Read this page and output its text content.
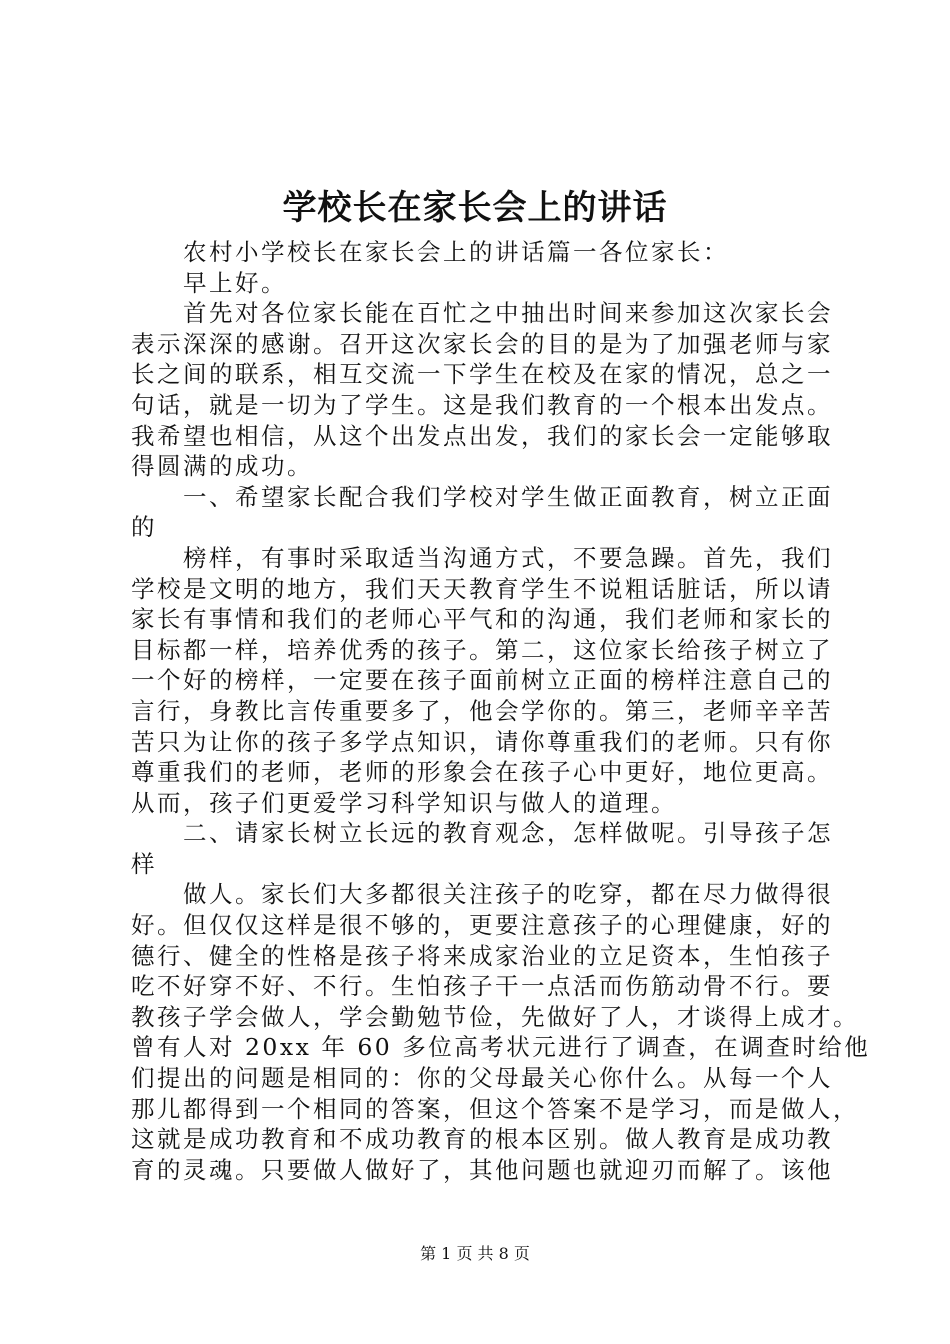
学校长在家长会上的讲话
农村小学校长在家长会上的讲话篇一各位家长：
早上好。
首先对各位家长能在百忙之中抽出时间来参加这次家长会
表示深深的感谢。召开这次家长会的目的是为了加强老师与家
长之间的联系，相互交流一下学生在校及在家的情况，总之一
句话，就是一切为了学生。这是我们教育的一个根本出发点。
我希望也相信，从这个出发点出发，我们的家长会一定能够取
得圆满的成功。
一、希望家长配合我们学校对学生做正面教育，树立正面
的
榜样，有事时采取适当沟通方式，不要急躁。首先，我们
学校是文明的地方，我们天天教育学生不说粗话脏话，所以请
家长有事情和我们的老师心平气和的沟通，我们老师和家长的
目标都一样，培养优秀的孩子。第二，这位家长给孩子树立了
一个好的榜样，一定要在孩子面前树立正面的榜样注意自己的
言行，身教比言传重要多了，他会学你的。第三，老师辛辛苦
苦只为让你的孩子多学点知识，请你尊重我们的老师。只有你
尊重我们的老师，老师的形象会在孩子心中更好，地位更高。
从而，孩子们更爱学习科学知识与做人的道理。
二、请家长树立长远的教育观念，怎样做呢。引导孩子怎
样
做人。家长们大多都很关注孩子的吃穿，都在尽力做得很
好。但仅仅这样是很不够的，更要注意孩子的心理健康，好的
德行、健全的性格是孩子将来成家治业的立足资本，生怕孩子
吃不好穿不好、不行。生怕孩子干一点活而伤筋动骨不行。要
教孩子学会做人，学会勤勉节俭，先做好了人，才谈得上成才。
曾有人对 20xx 年 60 多位高考状元进行了调查，在调查时给他
们提出的问题是相同的：你的父母最关心你什么。从每一个人
那儿都得到一个相同的答案，但这个答案不是学习，而是做人，
这就是成功教育和不成功教育的根本区别。做人教育是成功教
育的灵魂。只要做人做好了，其他问题也就迎刃而解了。该他
第 1 页 共 8 页
